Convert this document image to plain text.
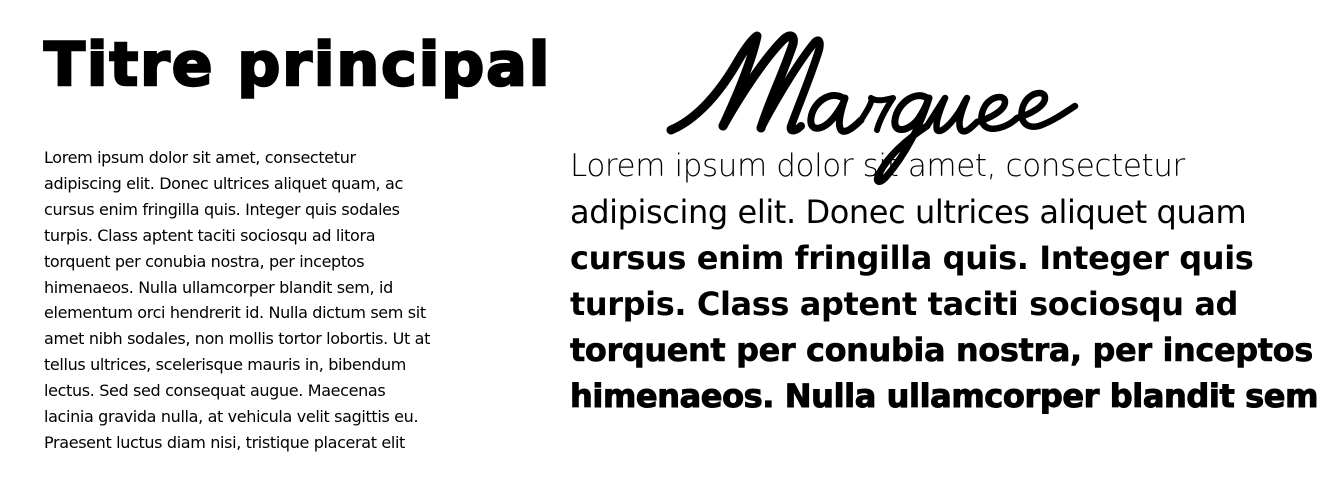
Titre principal

Lorem ipsum dolor sit amet, consectetur
adipiscing elit. Donec ultrices aliquet quam, ac
cursus enim fringilla quis. Integer quis sodales
turpis. Class aptent taciti sociosqu ad litora
torquent per conubia nostra, per inceptos
himenaeos. Nulla ullamcorper blandit sem, id
elementum orci hendrerit id. Nulla dictum sem sit
amet nibh sodales, non mollis tortor lobortis. Ut at
tellus ultrices, scelerisque mauris in, bibendum
lectus. Sed sed consequat augue. Maecenas
lacinia gravida nulla, at vehicula velit sagittis eu.
Praesent luctus diam nisi, tristique placerat elit

Lorem ipsum dolor sit amet, consectetur

adipiscing elit. Donec ultrices aliquet quam

cursus enim fringilla quis. Integer quis

turpis. Class aptent taciti sociosqu ad

torquent per conubia nostra, per inceptos

himenaeos. Nulla ullamcorper blandit sem
